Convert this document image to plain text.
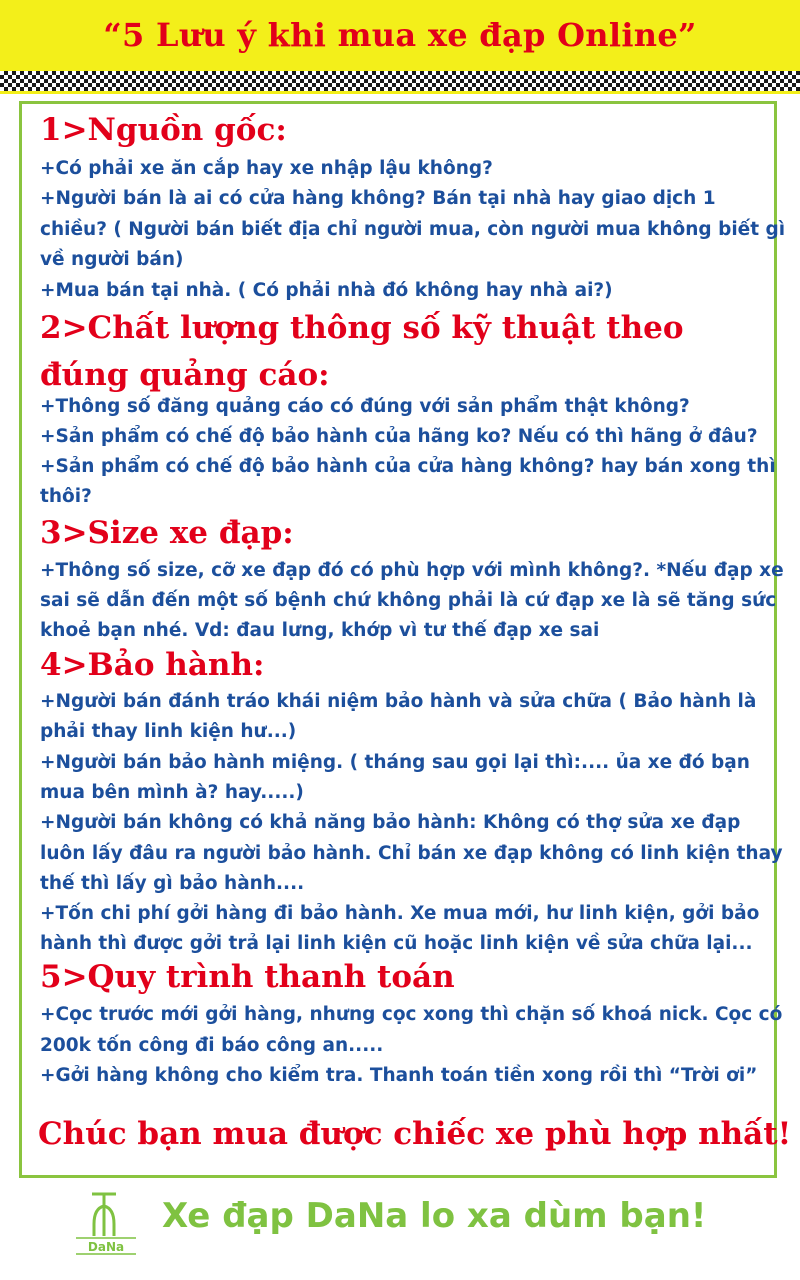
“5 Lưu ý khi mua xe đạp Online”
1>Nguồn gốc:
+Có phải xe ăn cắp hay xe nhập lậu không?
+Người bán là ai có cửa hàng không? Bán tại nhà hay giao dịch 1
chiều? ( Người bán biết địa chỉ người mua, còn người mua không biết gì
về người bán)
+Mua bán tại nhà. ( Có phải nhà đó không hay nhà ai?)
2>Chất lượng thông số kỹ thuật theo đúng quảng cáo:
+Thông số đăng quảng cáo có đúng với sản phẩm thật không?
+Sản phẩm có chế độ bảo hành của hãng ko? Nếu có thì hãng ở đâu?
+Sản phẩm có chế độ bảo hành của cửa hàng không? hay bán xong thì
thôi?
3>Size xe đạp:
+Thông số size, cỡ xe đạp đó có phù hợp với mình không?. *Nếu đạp xe
sai sẽ dẫn đến một số bệnh chứ không phải là cứ đạp xe là sẽ tăng sức
khoẻ bạn nhé. Vd: đau lưng, khớp vì tư thế đạp xe sai
4>Bảo hành:
+Người bán đánh tráo khái niệm bảo hành và sửa chữa ( Bảo hành là
phải thay linh kiện hư...)
+Người bán bảo hành miệng. ( tháng sau gọi lại thì:.... ủa xe đó bạn
mua bên mình à? hay.....)
+Người bán không có khả năng bảo hành: Không có thợ sửa xe đạp
luôn lấy đâu ra người bảo hành. Chỉ bán xe đạp không có linh kiện thay
thế thì lấy gì bảo hành....
+Tốn chi phí gởi hàng đi bảo hành. Xe mua mới, hư linh kiện, gởi bảo
hành thì được gởi trả lại linh kiện cũ hoặc linh kiện về sửa chữa lại...
5>Quy trình thanh toán
+Cọc trước mới gởi hàng, nhưng cọc xong thì chặn số khoá nick. Cọc có
200k tốn công đi báo công an.....
+Gởi hàng không cho kiểm tra. Thanh toán tiền xong rồi thì “Trời ơi”
Chúc bạn mua được chiếc xe phù hợp nhất!
DaNa
Xe đạp DaNa lo xa dùm bạn!
